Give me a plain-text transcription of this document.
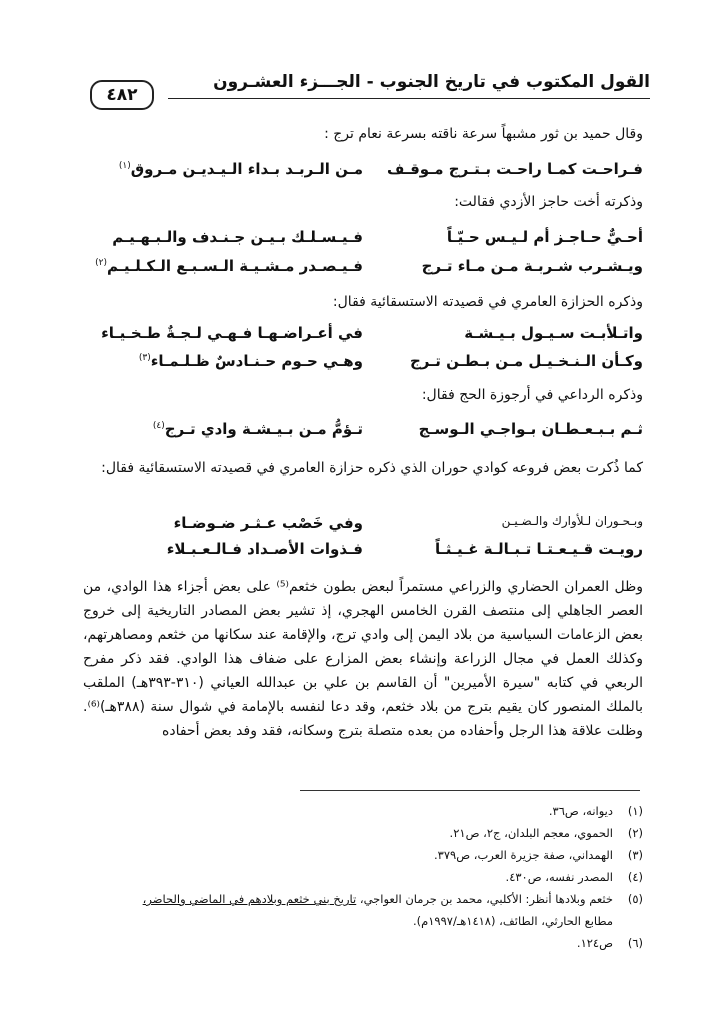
القول المكتوب في تاريخ الجنوب - الجـــزء العشـرون
٤٨٢
وقال حميد بن ثور مشبهاً سرعة ناقته بسرعة نعام ترج :
فـراحـت كمـا راحـت بـتـرج مـوقـف
مـن الـربـد بـداء الـيـديـن مـروق$^{(١)}$
وذكرته أخت حاجز الأزدي فقالت:
أحـيٌّ حـاجـز أم لـيـس حـيّـاً
فـيـسـلـك بـيـن جـنـدف والـبـهـيـم
ويـشـرب شـربـة مـن مـاء تـرج
فـيـصـدر مـشـيـة الـسـبـع الـكـلـيـم$^{(٢)}$
وذكره الحزازة العامري في قصيدته الاستسقائية فقال:
واتـلأبـت سـيـول بـيـشـة
في أعـراضـهـا فـهـي لـجـةٌ طـخـيـاء
وكـأن الـنـخـيـل مـن بـطـن تـرج
وهـي حـوم حـنـادسٌ ظـلـمـاء$^{(٣)}$
وذكره الرداعي في أرجوزة الحج فقال:
ثـم بـبـعـطـان بـواجـي الـوسـج
تـؤمُّ مـن بـيـشـة وادي تـرج$^{(٤)}$
كما ذُكرت بعض فروعه كوادي حوران الذي ذكره حزازة العامري في قصيدته الاستسقائية فقال:
وبـحـوران لـلأوارك والـضـيـن
وفي خَصْب عـثـر ضـوضـاء
رويـت قـيـعـتـا تـبـالـة غـيـثـاً
فـذوات الأصـداد فـالـعـبـلاء
وظل العمران الحضاري والزراعي مستمراً لبعض بطون خثعم⁽⁵⁾ على بعض أجزاء هذا الوادي، من العصر الجاهلي إلى منتصف القرن الخامس الهجري، إذ تشير بعض المصادر التاريخية إلى خروج بعض الزعامات السياسية من بلاد اليمن إلى وادي ترج، والإقامة عند سكانها من خثعم ومصاهرتهم، وكذلك العمل في مجال الزراعة وإنشاء بعض المزارع على ضفاف هذا الوادي. فقد ذكر مفرح الربعي في كتابه "سيرة الأميرين" أن القاسم بن علي بن عبدالله العياني (٣١٠-٣٩٣هـ) الملقب بالملك المنصور كان يقيم بترج من بلاد خثعم، وقد دعا لنفسه بالإمامة في شوال سنة (٣٨٨هـ)⁽⁶⁾. وظلت علاقة هذا الرجل وأحفاده من بعده متصلة بترج وسكانه، فقد وفد بعض أحفاده
(١)ديوانه، ص٣٦.
(٢)الحموي، معجم البلدان، ج٢، ص٢١.
(٣)الهمداني، صفة جزيرة العرب، ص٣٧٩.
(٤)المصدر نفسه، ص٤٣٠.
(٥)خثعم وبلادها أنظر: الأكلبي، محمد بن جرمان العواجي، تاريخ بني خثعم وبلادهم في الماضي والحاضر،
مطابع الحارثي، الطائف، (١٤١٨هـ/١٩٩٧م).
(٦)ص١٢٤.
